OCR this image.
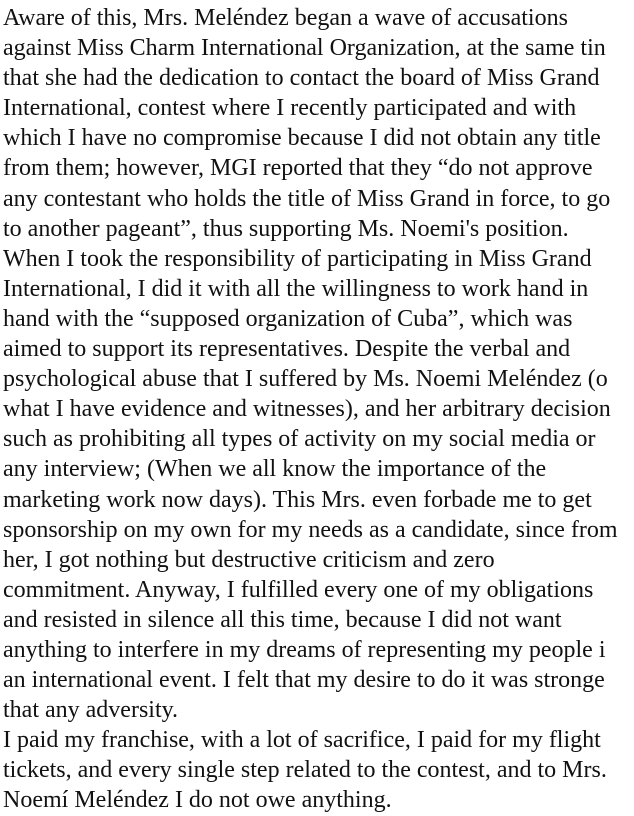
Aware of this, Mrs. Meléndez began a wave of accusations
against Miss Charm International Organization, at the same tin
that she had the dedication to contact the board of Miss Grand
International, contest where I recently participated and with
which I have no compromise because I did not obtain any title
from them; however, MGI reported that they “do not approve
any contestant who holds the title of Miss Grand in force, to go
to another pageant”, thus supporting Ms. Noemi's position.
When I took the responsibility of participating in Miss Grand
International, I did it with all the willingness to work hand in
hand with the “supposed organization of Cuba”, which was
aimed to support its representatives. Despite the verbal and
psychological abuse that I suffered by Ms. Noemi Meléndez (o
what I have evidence and witnesses), and her arbitrary decision
such as prohibiting all types of activity on my social media or
any interview; (When we all know the importance of the
marketing work now days). This Mrs. even forbade me to get
sponsorship on my own for my needs as a candidate, since from
her, I got nothing but destructive criticism and zero
commitment. Anyway, I fulfilled every one of my obligations
and resisted in silence all this time, because I did not want
anything to interfere in my dreams of representing my people i
an international event. I felt that my desire to do it was stronge
that any adversity.
I paid my franchise, with a lot of sacrifice, I paid for my flight
tickets, and every single step related to the contest, and to Mrs.
Noemí Meléndez I do not owe anything.
